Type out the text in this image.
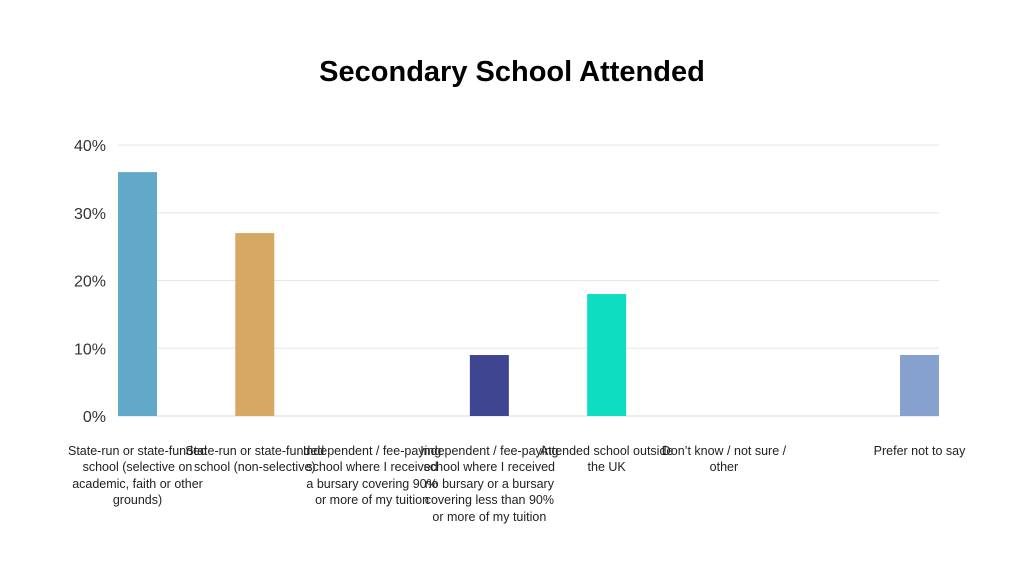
Secondary School Attended
0%
10%
20%
30%
40%
State-run or state-funded school (selective on academic, faith or other grounds)
State-run or state-funded school (non-selective)
Independent / fee-paying school where I received a bursary covering 90% or more of my tuition
Independent / fee-paying school where I received no bursary or a bursary covering less than 90% or more of my tuition
Attended school outside the UK
Don’t know / not sure / other
Prefer not to say
